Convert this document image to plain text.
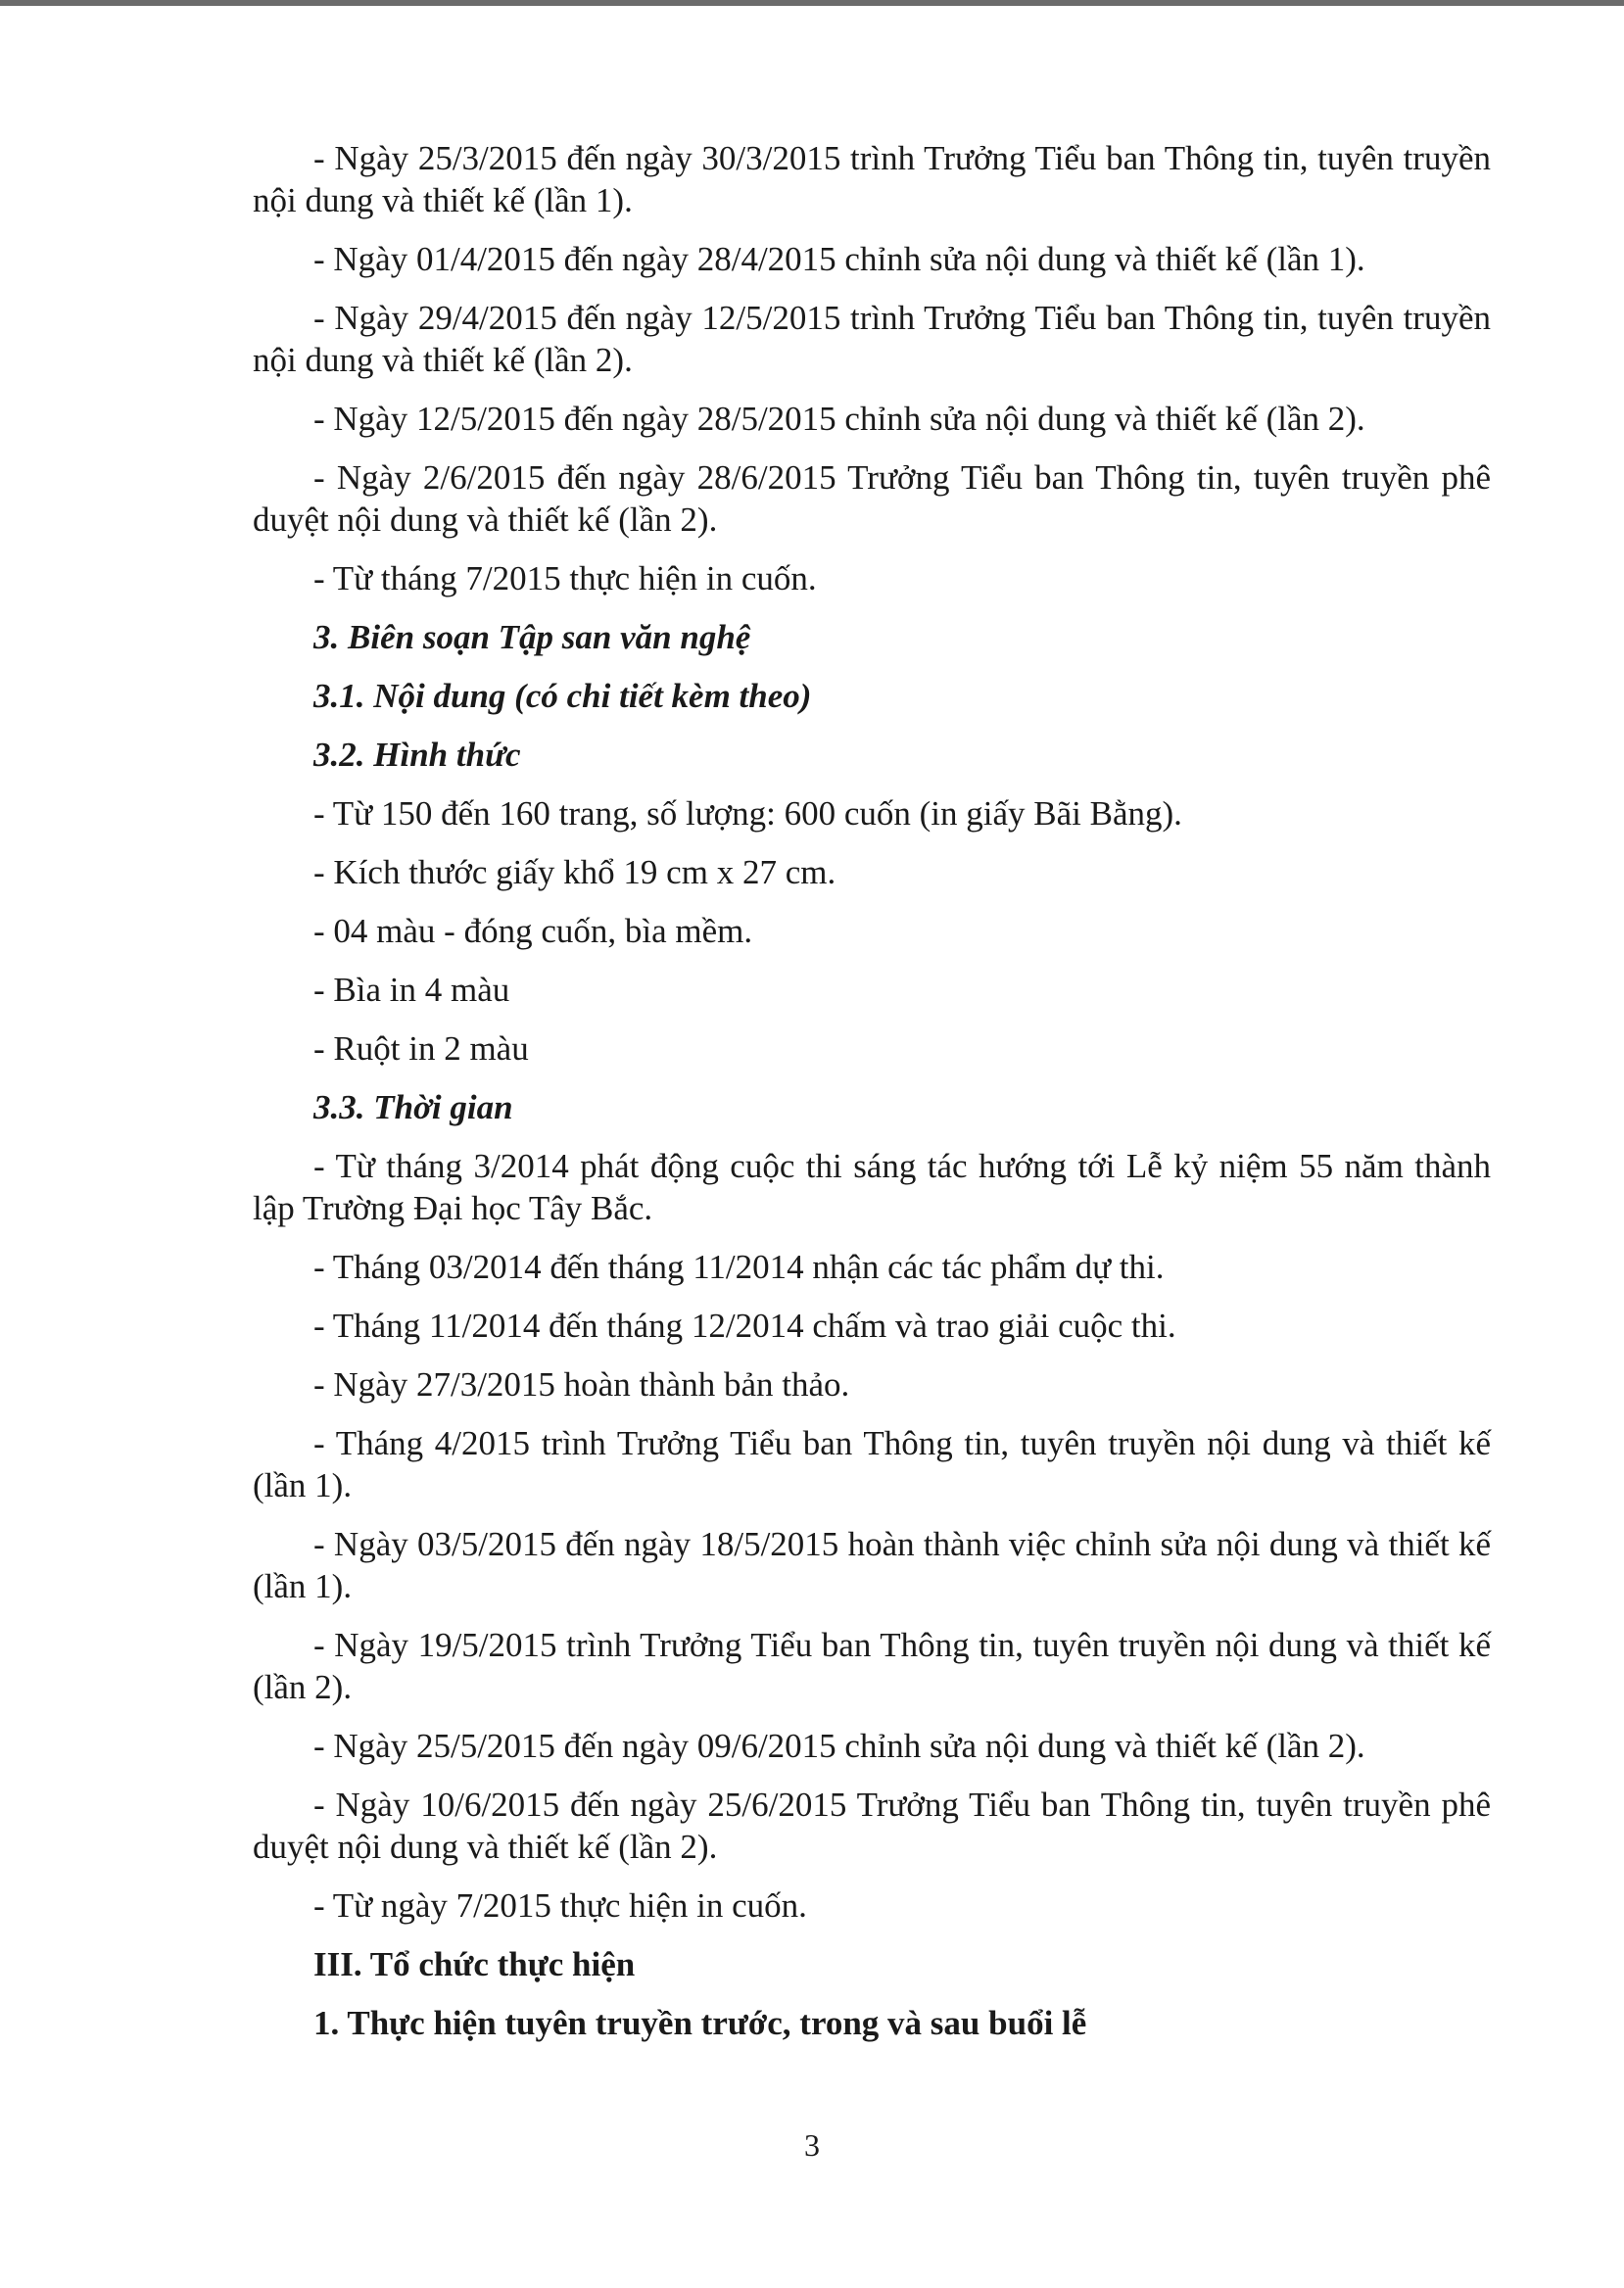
- Ngày 25/3/2015 đến ngày 30/3/2015 trình Trưởng Tiểu ban Thông tin, tuyên truyền nội dung và thiết kế (lần 1).

- Ngày 01/4/2015 đến ngày 28/4/2015 chỉnh sửa nội dung và thiết kế (lần 1).

- Ngày 29/4/2015 đến ngày 12/5/2015 trình Trưởng Tiểu ban Thông tin, tuyên truyền nội dung và thiết kế (lần 2).

- Ngày 12/5/2015 đến ngày 28/5/2015 chỉnh sửa nội dung và thiết kế (lần 2).

- Ngày 2/6/2015 đến ngày 28/6/2015 Trưởng Tiểu ban Thông tin, tuyên truyền phê duyệt nội dung và thiết kế (lần 2).

- Từ tháng 7/2015 thực hiện in cuốn.

3. Biên soạn Tập san văn nghệ

3.1. Nội dung (có chi tiết kèm theo)

3.2. Hình thức

- Từ 150 đến 160 trang, số lượng: 600 cuốn (in giấy Bãi Bằng).

- Kích thước giấy khổ 19 cm x 27 cm.

- 04 màu - đóng cuốn, bìa mềm.

- Bìa in 4 màu

- Ruột in 2 màu

3.3. Thời gian

- Từ tháng 3/2014 phát động cuộc thi sáng tác hướng tới Lễ kỷ niệm 55 năm thành lập Trường Đại học Tây Bắc.

- Tháng 03/2014 đến tháng 11/2014 nhận các tác phẩm dự thi.

- Tháng 11/2014 đến tháng 12/2014 chấm và trao giải cuộc thi.

- Ngày 27/3/2015 hoàn thành bản thảo.

- Tháng 4/2015 trình Trưởng Tiểu ban Thông tin, tuyên truyền nội dung và thiết kế (lần 1).

- Ngày 03/5/2015 đến ngày 18/5/2015 hoàn thành việc chỉnh sửa nội dung và thiết kế (lần 1).

- Ngày 19/5/2015 trình Trưởng Tiểu ban Thông tin, tuyên truyền nội dung và thiết kế (lần 2).

- Ngày 25/5/2015 đến ngày 09/6/2015 chỉnh sửa nội dung và thiết kế (lần 2).

- Ngày 10/6/2015 đến ngày 25/6/2015 Trưởng Tiểu ban Thông tin, tuyên truyền phê duyệt nội dung và thiết kế (lần 2).

- Từ ngày 7/2015 thực hiện in cuốn.

III. Tổ chức thực hiện

1. Thực hiện tuyên truyền trước, trong và sau buổi lễ

3
